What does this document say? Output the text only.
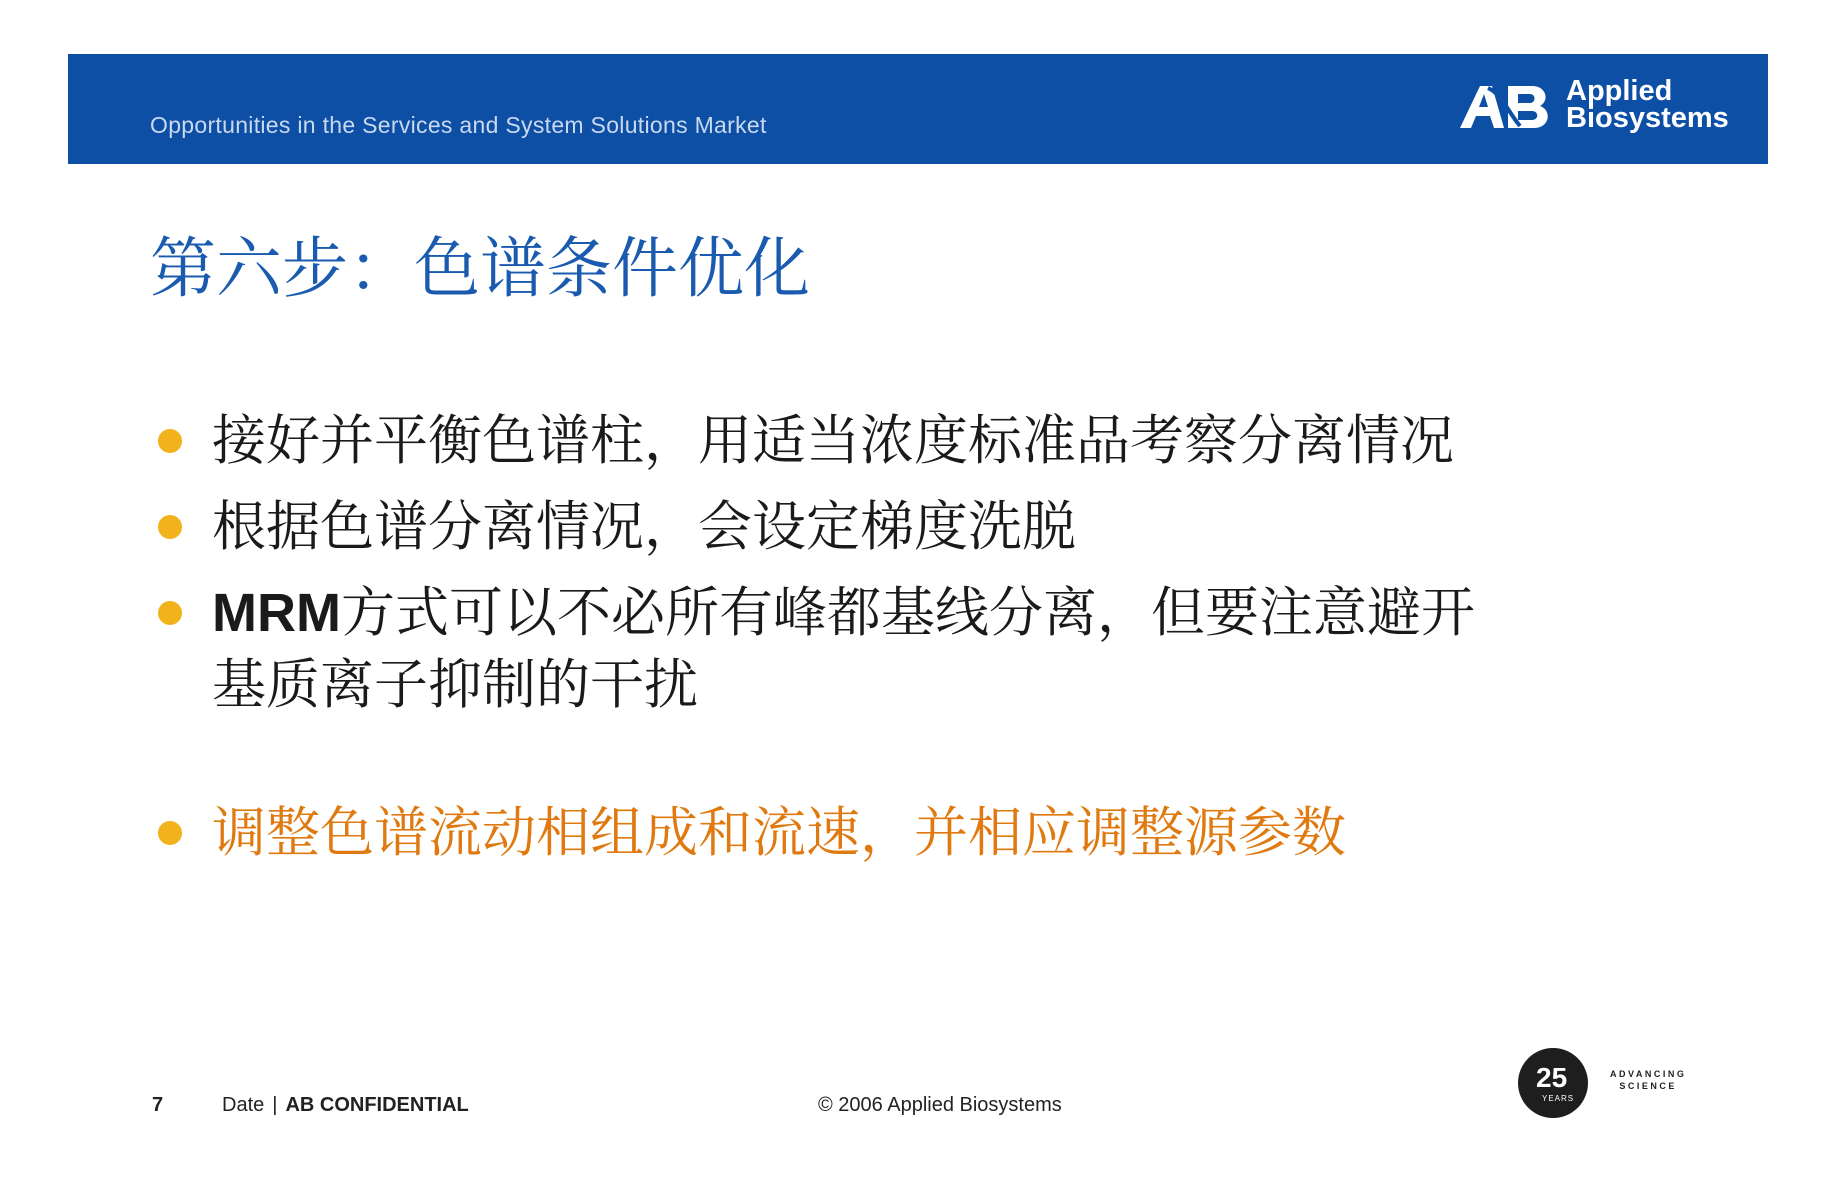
Opportunities in the Services and System Solutions Market
Applied
Biosystems
第六步：色谱条件优化
接好并平衡色谱柱，用适当浓度标准品考察分离情况
根据色谱分离情况，会设定梯度洗脱
MRM方式可以不必所有峰都基线分离，但要注意避开
基质离子抑制的干扰
调整色谱流动相组成和流速，并相应调整源参数
7	Date | AB CONFIDENTIAL	© 2006 Applied Biosystems
25
YEARS
ADVANCING
SCIENCE
